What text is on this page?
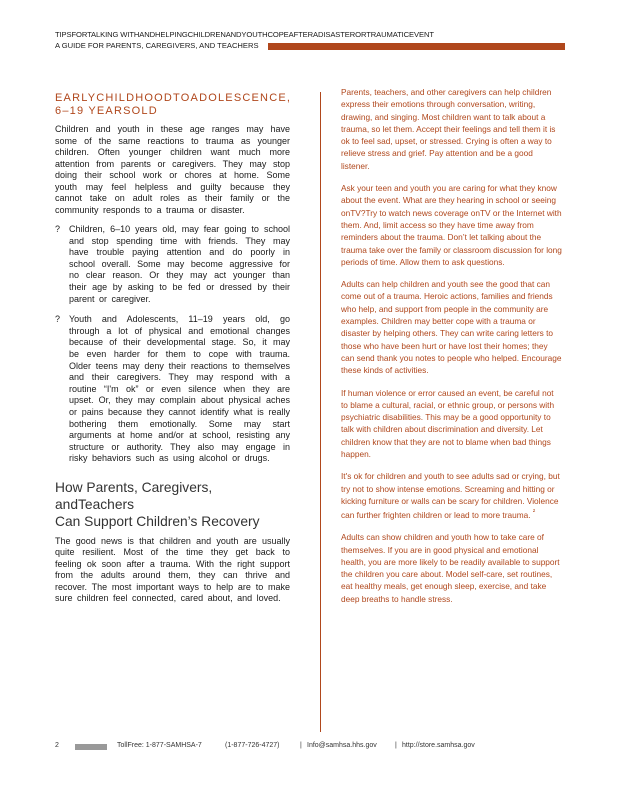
TIPSFORTALKING WITHANDHELPINGCHILDRENANDYOUTHCOPEAFTERADISASTERORTRAUMATICEVENT
A GUIDE FOR PARENTS, CAREGIVERS, AND TEACHERS
EARLYCHILDHOODTOADOLESCENCE,
6–19 YEARSOLD

Children and youth in these age ranges may have some of the same reactions to trauma as younger children. Often younger children want much more attention from parents or caregivers. They may stop doing their school work or chores at home. Some youth may feel helpless and guilty because they cannot take on adult roles as their family or the community responds to a trauma or disaster.

? Children, 6–10 years old, may fear going to school and stop spending time with friends. They may have trouble paying attention and do poorly in school overall. Some may become aggressive for no clear reason. Or they may act younger than their age by asking to be fed or dressed by their parent or caregiver.
? Youth and Adolescents, 11–19 years old, go through a lot of physical and emotional changes because of their developmental stage. So, it may be even harder for them to cope with trauma. Older teens may deny their reactions to themselves and their caregivers. They may respond with a routine “I'm ok” or even silence when they are upset. Or, they may complain about physical aches or pains because they cannot identify what is really bothering them emotionally. Some may start arguments at home and/or at school, resisting any structure or authority. They also may engage in risky behaviors such as using alcohol or drugs.
How Parents, Caregivers, andTeachers
Can Support Children’s Recovery

The good news is that children and youth are usually quite resilient. Most of the time they get back to feeling ok soon after a trauma. With the right support from the adults around them, they can thrive and recover. The most important ways to help are to make sure children feel connected, cared about, and loved.

Parents, teachers, and other caregivers can help children express their emotions through conversation, writing, drawing, and singing. Most children want to talk about a trauma, so let them. Accept their feelings and tell them it is ok to feel sad, upset, or stressed. Crying is often a way to relieve stress and grief. Pay attention and be a good listener.

Ask your teen and youth you are caring for what they know about the event. What are they hearing in school or seeing onTV?Try to watch news coverage onTV or the Internet with them. And, limit access so they have time away from reminders about the trauma. Don’t let talking about the trauma take over the family or classroom discussion for long periods of time. Allow them to ask questions.

Adults can help children and youth see the good that can come out of a trauma. Heroic actions, families and friends who help, and support from people in the community are examples. Children may better cope with a trauma or disaster by helping others. They can write caring letters to those who have been hurt or have lost their homes; they can send thank you notes to people who helped. Encourage these kinds of activities.

If human violence or error caused an event, be careful not to blame a cultural, racial, or ethnic group, or persons with psychiatric disabilities. This may be a good opportunity to talk with children about discrimination and diversity. Let children know that they are not to blame when bad things happen.

It's ok for children and youth to see adults sad or crying, but try not to show intense emotions. Screaming and hitting or kicking furniture or walls can be scary for children. Violence can further frighten children or lead to more trauma. $^{^2}$

Adults can show children and youth how to take care of themselves. If you are in good physical and emotional health, you are more likely to be readily available to support the children you care about. Model self-care, set routines, eat healthy meals, get enough sleep, exercise, and take deep breaths to handle stress.

2	TollFree: 1-877-SAMHSA-7	(1-877-726-4727)	| Info@samhsa.hhs.gov	| http://store.samhsa.gov
